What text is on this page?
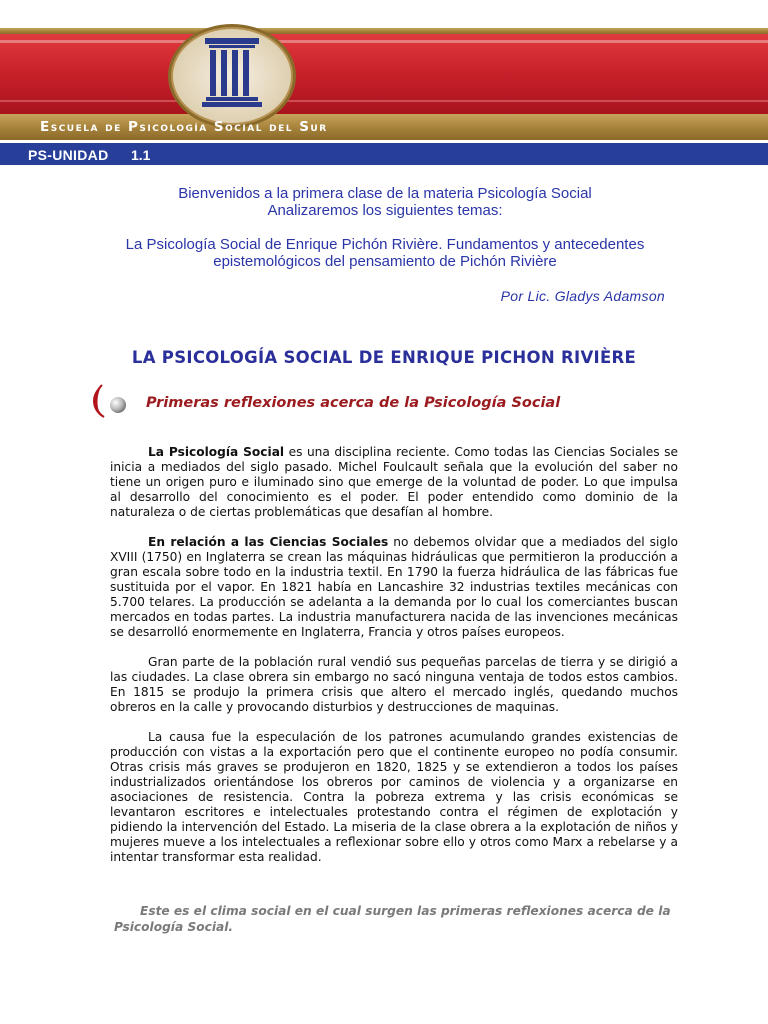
Escuela de Psicología Social del Sur
PS-UNIDAD 1.1
Bienvenidos a la primera clase de la materia Psicología Social
Analizaremos los siguientes temas:
La Psicología Social de Enrique Pichón Rivière. Fundamentos y antecedentes
epistemológicos del pensamiento de Pichón Rivière
Por Lic. Gladys Adamson
LA PSICOLOGÍA SOCIAL DE ENRIQUE PICHON RIVIÈRE
Primeras reflexiones acerca de la Psicología Social

La Psicología Social es una disciplina reciente. Como todas las Ciencias Sociales se inicia a mediados del siglo pasado. Michel Foulcault señala que la evolución del saber no tiene un origen puro e iluminado sino que emerge de la voluntad de poder. Lo que impulsa al desarrollo del conocimiento es el poder. El poder entendido como dominio de la naturaleza o de ciertas problemáticas que desafían al hombre.

En relación a las Ciencias Sociales no debemos olvidar que a mediados del siglo XVIII (1750) en Inglaterra se crean las máquinas hidráulicas que permitieron la producción a gran escala sobre todo en la industria textil. En 1790 la fuerza hidráulica de las fábricas fue sustituida por el vapor. En 1821 había en Lancashire 32 industrias textiles mecánicas con 5.700 telares. La producción se adelanta a la demanda por lo cual los comerciantes buscan mercados en todas partes. La industria manufacturera nacida de las invenciones mecánicas se desarrolló enormemente en Inglaterra, Francia y otros países europeos.

Gran parte de la población rural vendió sus pequeñas parcelas de tierra y se dirigió a las ciudades. La clase obrera sin embargo no sacó ninguna ventaja de todos estos cambios. En 1815 se produjo la primera crisis que altero el mercado inglés, quedando muchos obreros en la calle y provocando disturbios y destrucciones de maquinas.

La causa fue la especulación de los patrones acumulando grandes existencias de producción con vistas a la exportación pero que el continente europeo no podía consumir. Otras crisis más graves se produjeron en 1820, 1825 y se extendieron a todos los países industrializados orientándose los obreros por caminos de violencia y a organizarse en asociaciones de resistencia. Contra la pobreza extrema y las crisis económicas se levantaron escritores e intelectuales protestando contra el régimen de explotación y pidiendo la intervención del Estado. La miseria de la clase obrera a la explotación de niños y mujeres mueve a los intelectuales a reflexionar sobre ello y otros como Marx a rebelarse y a intentar transformar esta realidad.

Este es el clima social en el cual surgen las primeras reflexiones acerca de la Psicología Social.
